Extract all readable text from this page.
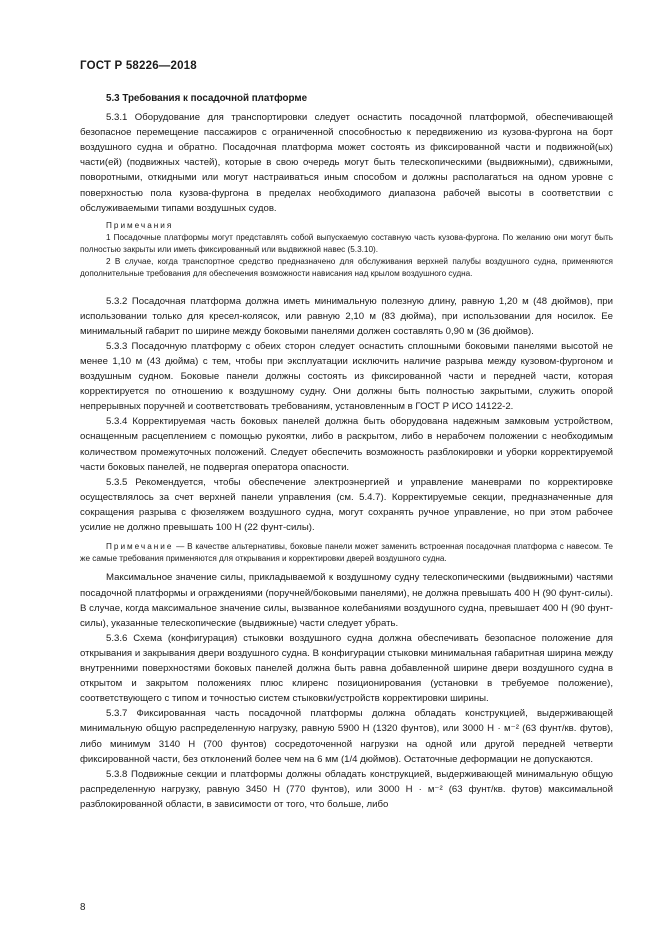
ГОСТ Р 58226—2018
5.3 Требования к посадочной платформе

5.3.1 Оборудование для транспортировки следует оснастить посадочной платформой, обеспечивающей безопасное перемещение пассажиров с ограниченной способностью к передвижению из кузова-фургона на борт воздушного судна и обратно. Посадочная платформа может состоять из фиксированной части и подвижной(ых) части(ей) (подвижных частей), которые в свою очередь могут быть телескопическими (выдвижными), сдвижными, поворотными, откидными или могут настраиваться иным способом и должны располагаться на одном уровне с поверхностью пола кузова-фургона в пределах необходимого диапазона рабочей высоты в соответствии с обслуживаемыми типами воздушных судов.

Примечания

1 Посадочные платформы могут представлять собой выпускаемую составную часть кузова-фургона. По желанию они могут быть полностью закрыты или иметь фиксированный или выдвижной навес (5.3.10).

2 В случае, когда транспортное средство предназначено для обслуживания верхней палубы воздушного судна, применяются дополнительные требования для обеспечения возможности нависания над крылом воздушного судна.

5.3.2 Посадочная платформа должна иметь минимальную полезную длину, равную 1,20 м (48 дюймов), при использовании только для кресел-колясок, или равную 2,10 м (83 дюйма), при использовании для носилок. Ее минимальный габарит по ширине между боковыми панелями должен составлять 0,90 м (36 дюймов).

5.3.3 Посадочную платформу с обеих сторон следует оснастить сплошными боковыми панелями высотой не менее 1,10 м (43 дюйма) с тем, чтобы при эксплуатации исключить наличие разрыва между кузовом-фургоном и воздушным судном. Боковые панели должны состоять из фиксированной части и передней части, которая корректируется по отношению к воздушному судну. Они должны быть полностью закрытыми, служить опорой непрерывных поручней и соответствовать требованиям, установленным в ГОСТ Р ИСО 14122-2.

5.3.4 Корректируемая часть боковых панелей должна быть оборудована надежным замковым устройством, оснащенным расцеплением с помощью рукоятки, либо в раскрытом, либо в нерабочем положении с необходимым количеством промежуточных положений. Следует обеспечить возможность разблокировки и уборки корректируемой части боковых панелей, не подвергая оператора опасности.

5.3.5 Рекомендуется, чтобы обеспечение электроэнергией и управление маневрами по корректировке осуществлялось за счет верхней панели управления (см. 5.4.7). Корректируемые секции, предназначенные для сокращения разрыва с фюзеляжем воздушного судна, могут сохранять ручное управление, но при этом рабочее усилие не должно превышать 100 Н (22 фунт-силы).

Примечание — В качестве альтернативы, боковые панели может заменить встроенная посадочная платформа с навесом. Те же самые требования применяются для открывания и корректировки дверей воздушного судна.

Максимальное значение силы, прикладываемой к воздушному судну телескопическими (выдвижными) частями посадочной платформы и ограждениями (поручней/боковыми панелями), не должна превышать 400 Н (90 фунт-силы). В случае, когда максимальное значение силы, вызванное колебаниями воздушного судна, превышает 400 Н (90 фунт-силы), указанные телескопические (выдвижные) части следует убрать.

5.3.6 Схема (конфигурация) стыковки воздушного судна должна обеспечивать безопасное положение для открывания и закрывания двери воздушного судна. В конфигурации стыковки минимальная габаритная ширина между внутренними поверхностями боковых панелей должна быть равна добавленной ширине двери воздушного судна в открытом и закрытом положениях плюс клиренс позиционирования (установки в требуемое положение), соответствующего с типом и точностью систем стыковки/устройств корректировки ширины.

5.3.7 Фиксированная часть посадочной платформы должна обладать конструкцией, выдерживающей минимальную общую распределенную нагрузку, равную 5900 Н (1320 фунтов), или 3000 Н · м⁻² (63 фунт/кв. футов), либо минимум 3140 Н (700 фунтов) сосредоточенной нагрузки на одной или другой передней четверти фиксированной части, без отклонений более чем на 6 мм (1/4 дюймов). Остаточные деформации не допускаются.

5.3.8 Подвижные секции и платформы должны обладать конструкцией, выдерживающей минимальную общую распределенную нагрузку, равную 3450 Н (770 фунтов), или 3000 Н · м⁻² (63 фунт/кв. футов) максимальной разблокированной области, в зависимости от того, что больше, либо

8
